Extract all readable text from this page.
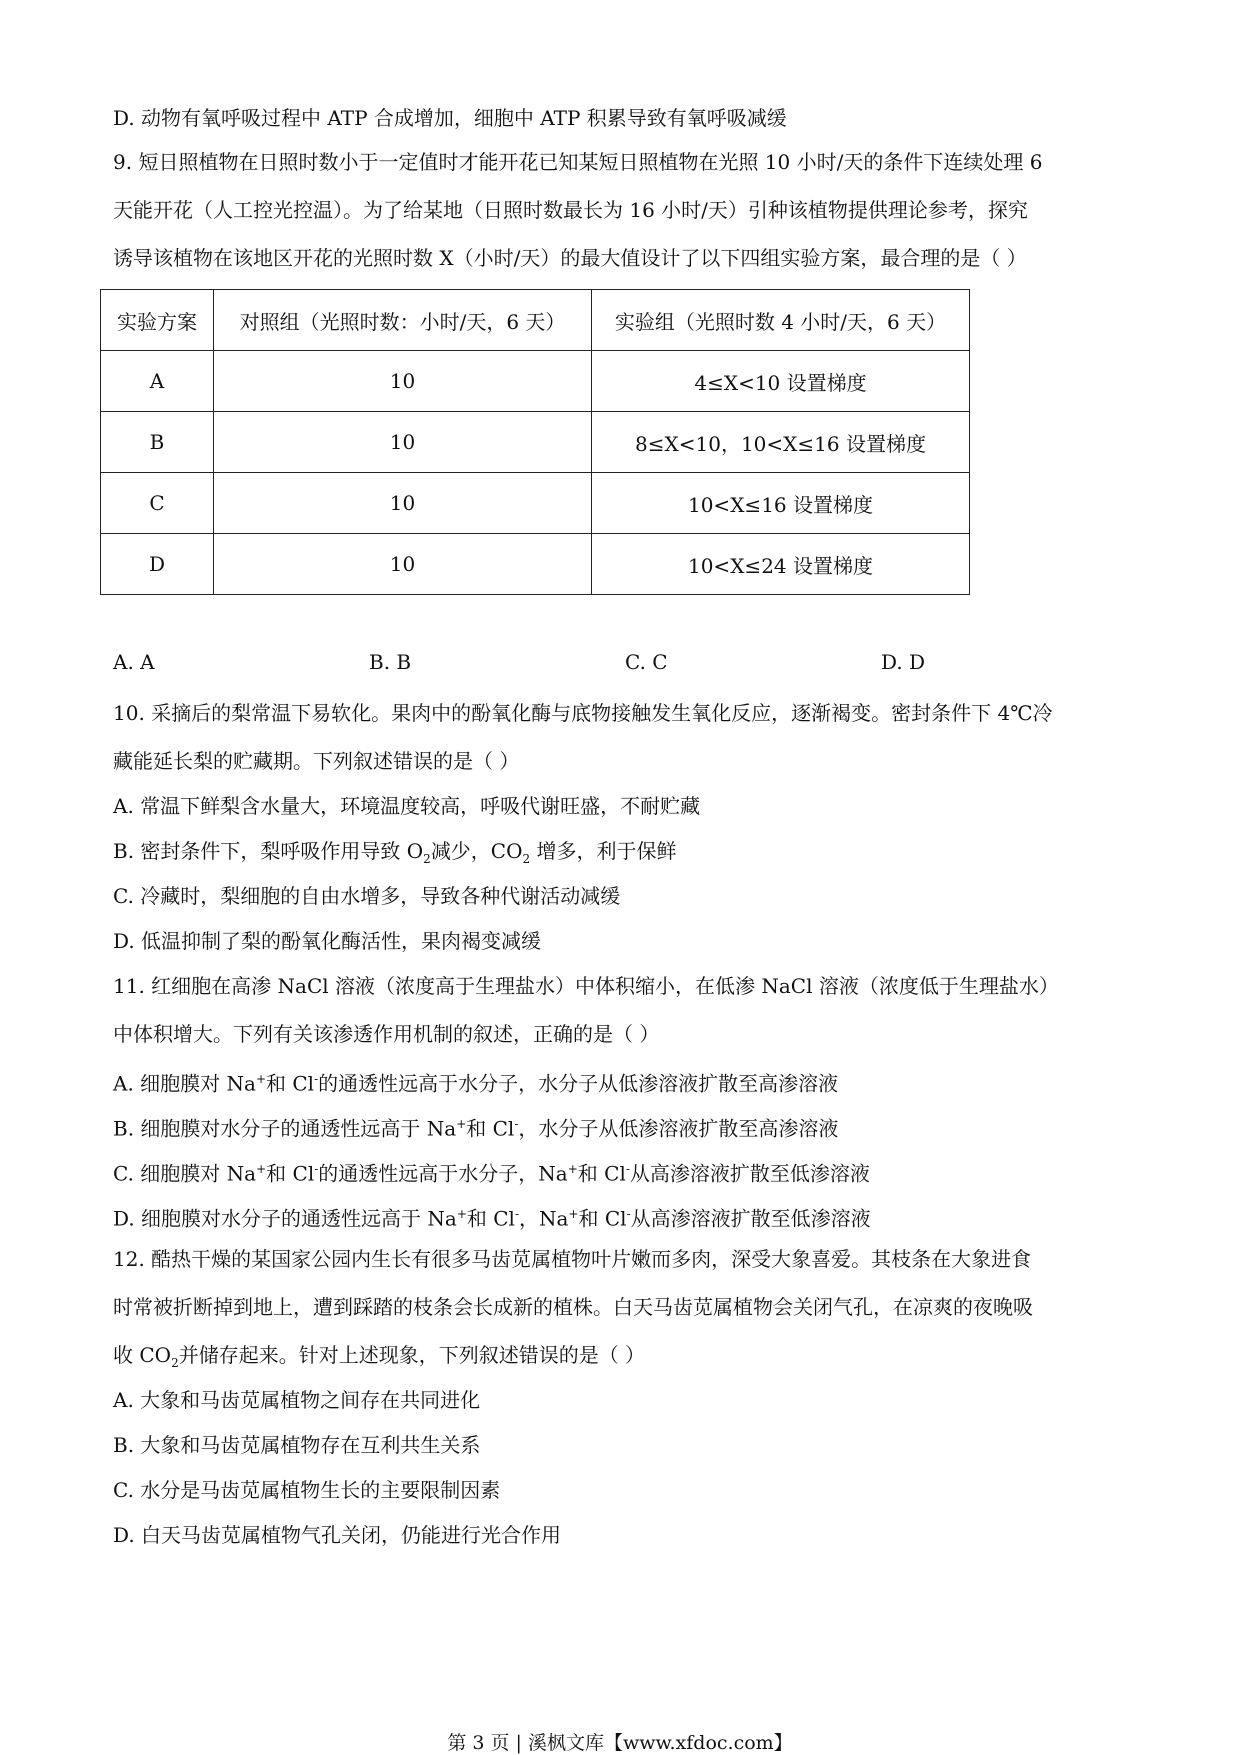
D. 动物有氧呼吸过程中 ATP 合成增加，细胞中 ATP 积累导致有氧呼吸减缓
9. 短日照植物在日照时数小于一定值时才能开花已知某短日照植物在光照 10 小时/天的条件下连续处理 6
天能开花（人工控光控温）。为了给某地（日照时数最长为 16 小时/天）引种该植物提供理论参考，探究
诱导该植物在该地区开花的光照时数 X（小时/天）的最大值设计了以下四组实验方案，最合理的是（ ）
实验方案	对照组（光照时数：小时/天，6 天）	实验组（光照时数 4 小时/天，6 天）
A	10	4≤X<10 设置梯度
B	10	8≤X<10，10<X≤16 设置梯度
C	10	10<X≤16 设置梯度
D	10	10<X≤24 设置梯度
A. A	B. B	C. C	D. D
10. 采摘后的梨常温下易软化。果肉中的酚氧化酶与底物接触发生氧化反应，逐渐褐变。密封条件下 4℃冷
藏能延长梨的贮藏期。下列叙述错误的是（ ）
A. 常温下鲜梨含水量大，环境温度较高，呼吸代谢旺盛，不耐贮藏
B. 密封条件下，梨呼吸作用导致 $O_2$减少，$CO_2$ 增多，利于保鲜
C. 冷藏时，梨细胞的自由水增多，导致各种代谢活动减缓
D. 低温抑制了梨的酚氧化酶活性，果肉褐变减缓
11. 红细胞在高渗 NaCl 溶液（浓度高于生理盐水）中体积缩小，在低渗 NaCl 溶液（浓度低于生理盐水）
中体积增大。下列有关该渗透作用机制的叙述，正确的是（ ）
A. 细胞膜对 Na+和 Cl-的通透性远高于水分子，水分子从低渗溶液扩散至高渗溶液
B. 细胞膜对水分子的通透性远高于 Na+和 Cl-，水分子从低渗溶液扩散至高渗溶液
C. 细胞膜对 Na+和 Cl-的通透性远高于水分子，Na+和 Cl-从高渗溶液扩散至低渗溶液
D. 细胞膜对水分子的通透性远高于 Na+和 Cl-，Na+和 Cl-从高渗溶液扩散至低渗溶液
12. 酷热干燥的某国家公园内生长有很多马齿苋属植物叶片嫩而多肉，深受大象喜爱。其枝条在大象进食
时常被折断掉到地上，遭到踩踏的枝条会长成新的植株。白天马齿苋属植物会关闭气孔，在凉爽的夜晚吸
收 $CO_2$并储存起来。针对上述现象，下列叙述错误的是（ ）
A. 大象和马齿苋属植物之间存在共同进化
B. 大象和马齿苋属植物存在互利共生关系
C. 水分是马齿苋属植物生长的主要限制因素
D. 白天马齿苋属植物气孔关闭，仍能进行光合作用
第 3 页 | 溪枫文库【www.xfdoc.com】
